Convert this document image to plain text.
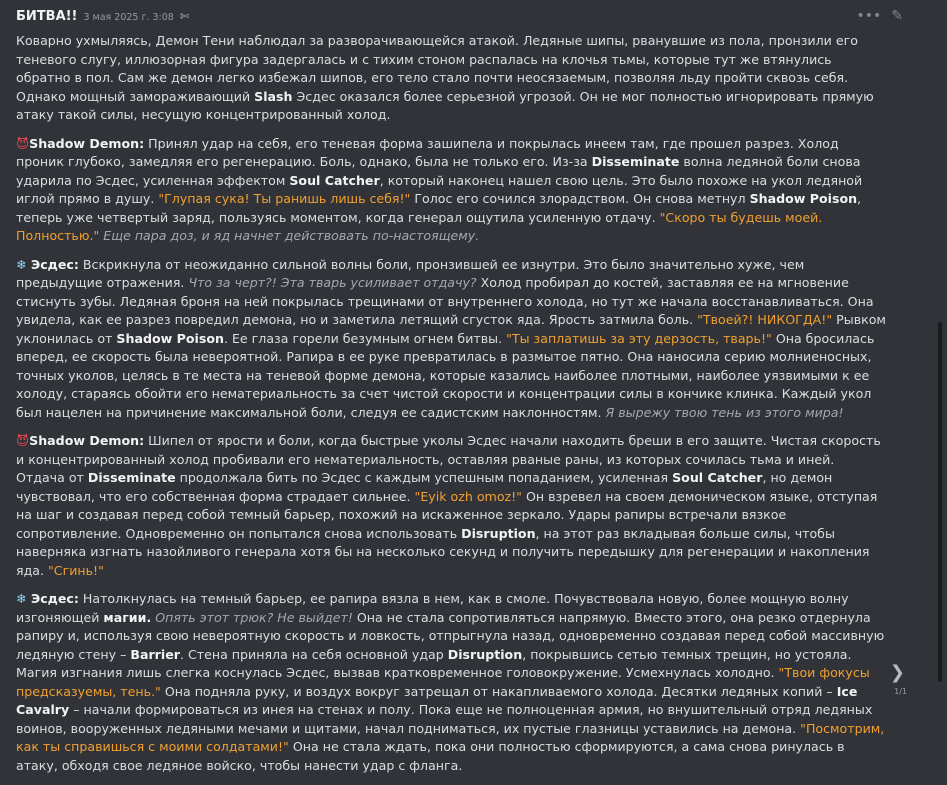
БИТВА!! 3 мая 2025 г. 3:08 ✄	••• ✎
Коварно ухмыляясь, Демон Тени наблюдал за разворачивающейся атакой. Ледяные шипы, рванувшие из пола, пронзили его теневого слугу, иллюзорная фигура задергалась и с тихим стоном распалась на клочья тьмы, которые тут же втянулись обратно в пол. Сам же демон легко избежал шипов, его тело стало почти неосязаемым, позволяя льду пройти сквозь себя. Однако мощный замораживающий Slash Эсдес оказался более серьезной угрозой. Он не мог полностью игнорировать прямую атаку такой силы, несущую концентрированный холод.
😈Shadow Demon: Принял удар на себя, его теневая форма зашипела и покрылась инеем там, где прошел разрез. Холод проник глубоко, замедляя его регенерацию. Боль, однако, была не только его. Из-за Disseminate волна ледяной боли снова ударила по Эсдес, усиленная эффектом Soul Catcher, который наконец нашел свою цель. Это было похоже на укол ледяной иглой прямо в душу. "Глупая сука! Ты ранишь лишь себя!" Голос его сочился злорадством. Он снова метнул Shadow Poison, теперь уже четвертый заряд, пользуясь моментом, когда генерал ощутила усиленную отдачу. "Скоро ты будешь моей. Полностью." Еще пара доз, и яд начнет действовать по-настоящему.
❄ Эсдес: Вскрикнула от неожиданно сильной волны боли, пронзившей ее изнутри. Это было значительно хуже, чем предыдущие отражения. Что за черт?! Эта тварь усиливает отдачу? Холод пробирал до костей, заставляя ее на мгновение стиснуть зубы. Ледяная броня на ней покрылась трещинами от внутреннего холода, но тут же начала восстанавливаться. Она увидела, как ее разрез повредил демона, но и заметила летящий сгусток яда. Ярость затмила боль. "Твоей?! НИКОГДА!" Рывком уклонилась от Shadow Poison. Ее глаза горели безумным огнем битвы. "Ты заплатишь за эту дерзость, тварь!" Она бросилась вперед, ее скорость была невероятной. Рапира в ее руке превратилась в размытое пятно. Она наносила серию молниеносных, точных уколов, целясь в те места на теневой форме демона, которые казались наиболее плотными, наиболее уязвимыми к ее холоду, стараясь обойти его нематериальность за счет чистой скорости и концентрации силы в кончике клинка. Каждый укол был нацелен на причинение максимальной боли, следуя ее садистским наклонностям. Я вырежу твою тень из этого мира!
😈Shadow Demon: Шипел от ярости и боли, когда быстрые уколы Эсдес начали находить бреши в его защите. Чистая скорость и концентрированный холод пробивали его нематериальность, оставляя рваные раны, из которых сочилась тьма и иней. Отдача от Disseminate продолжала бить по Эсдес с каждым успешным попаданием, усиленная Soul Catcher, но демон чувствовал, что его собственная форма страдает сильнее. "Eyik ozh omoz!" Он взревел на своем демоническом языке, отступая на шаг и создавая перед собой темный барьер, похожий на искаженное зеркало. Удары рапиры встречали вязкое сопротивление. Одновременно он попытался снова использовать Disruption, на этот раз вкладывая больше силы, чтобы наверняка изгнать назойливого генерала хотя бы на несколько секунд и получить передышку для регенерации и накопления яда. "Сгинь!"
❄ Эсдес: Натолкнулась на темный барьер, ее рапира вязла в нем, как в смоле. Почувствовала новую, более мощную волну изгоняющей магии. Опять этот трюк? Не выйдет! Она не стала сопротивляться напрямую. Вместо этого, она резко отдернула рапиру и, используя свою невероятную скорость и ловкость, отпрыгнула назад, одновременно создавая перед собой массивную ледяную стену – Barrier. Стена приняла на себя основной удар Disruption, покрывшись сетью темных трещин, но устояла. Магия изгнания лишь слегка коснулась Эсдес, вызвав кратковременное головокружение. Усмехнулась холодно. "Твои фокусы предсказуемы, тень." Она подняла руку, и воздух вокруг затрещал от накапливаемого холода. Десятки ледяных копий – Ice Cavalry – начали формироваться из инея на стенах и полу. Пока еще не полноценная армия, но внушительный отряд ледяных воинов, вооруженных ледяными мечами и щитами, начал подниматься, их пустые глазницы уставились на демона. "Посмотрим, как ты справишься с моими солдатами!" Она не стала ждать, пока они полностью сформируются, а сама снова ринулась в атаку, обходя свое ледяное войско, чтобы нанести удар с фланга.
❯
1/1
